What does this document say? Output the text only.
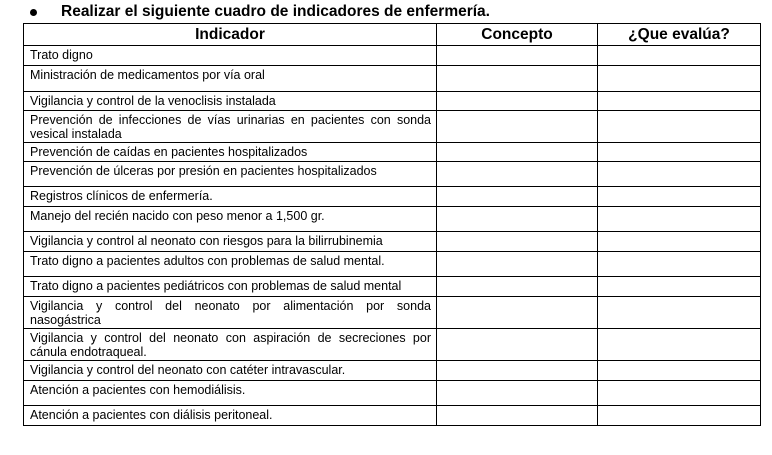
Realizar el siguiente cuadro de indicadores de enfermería.
Indicador	Concepto	¿Que evalúa?
Trato digno		
Ministración de medicamentos por vía oral		
Vigilancia y control de la venoclisis instalada		
Prevención de infecciones de vías urinarias en pacientes con sonda vesical instalada		
Prevención de caídas en pacientes hospitalizados		
Prevención de úlceras por presión en pacientes hospitalizados		
Registros clínicos de enfermería.		
Manejo del recién nacido con peso menor a 1,500 gr.		
Vigilancia y control al neonato con riesgos para la bilirrubinemia		
Trato digno a pacientes adultos con problemas de salud mental.		
Trato digno a pacientes pediátricos con problemas de salud mental		
Vigilancia y control del neonato por alimentación por sonda nasogástrica		
Vigilancia y control del neonato con aspiración de secreciones por cánula endotraqueal.		
Vigilancia y control del neonato con catéter intravascular.		
Atención a pacientes con hemodiálisis.		
Atención a pacientes con diálisis peritoneal.		
